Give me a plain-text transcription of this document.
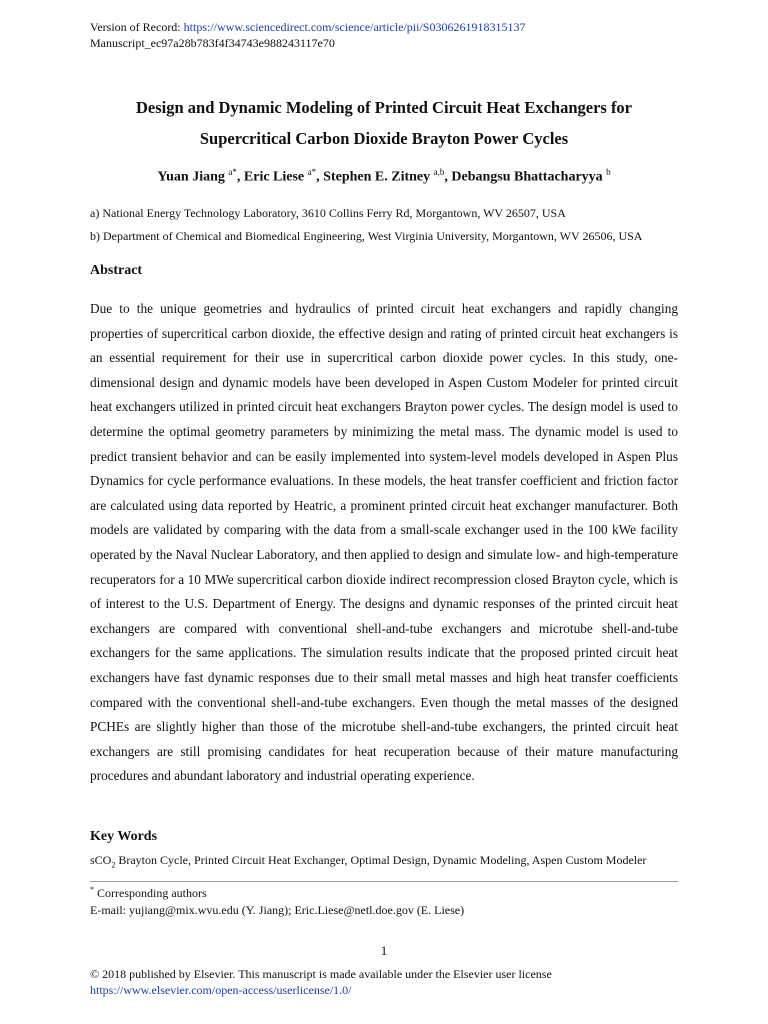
Version of Record: https://www.sciencedirect.com/science/article/pii/S0306261918315137
Manuscript_ec97a28b783f4f34743e988243117e70
Design and Dynamic Modeling of Printed Circuit Heat Exchangers for
Supercritical Carbon Dioxide Brayton Power Cycles
Yuan Jiang $^{a*}$, Eric Liese $^{a*}$, Stephen E. Zitney $^{a,b}$, Debangsu Bhattacharyya $^b$
a) National Energy Technology Laboratory, 3610 Collins Ferry Rd, Morgantown, WV 26507, USA
b) Department of Chemical and Biomedical Engineering, West Virginia University, Morgantown, WV 26506, USA
Abstract
Due to the unique geometries and hydraulics of printed circuit heat exchangers and rapidly changing properties of supercritical carbon dioxide, the effective design and rating of printed circuit heat exchangers is an essential requirement for their use in supercritical carbon dioxide power cycles. In this study, one-dimensional design and dynamic models have been developed in Aspen Custom Modeler for printed circuit heat exchangers utilized in printed circuit heat exchangers Brayton power cycles. The design model is used to determine the optimal geometry parameters by minimizing the metal mass. The dynamic model is used to predict transient behavior and can be easily implemented into system-level models developed in Aspen Plus Dynamics for cycle performance evaluations. In these models, the heat transfer coefficient and friction factor are calculated using data reported by Heatric, a prominent printed circuit heat exchanger manufacturer. Both models are validated by comparing with the data from a small-scale exchanger used in the 100 kWe facility operated by the Naval Nuclear Laboratory, and then applied to design and simulate low- and high-temperature recuperators for a 10 MWe supercritical carbon dioxide indirect recompression closed Brayton cycle, which is of interest to the U.S. Department of Energy. The designs and dynamic responses of the printed circuit heat exchangers are compared with conventional shell-and-tube exchangers and microtube shell-and-tube exchangers for the same applications. The simulation results indicate that the proposed printed circuit heat exchangers have fast dynamic responses due to their small metal masses and high heat transfer coefficients compared with the conventional shell-and-tube exchangers. Even though the metal masses of the designed PCHEs are slightly higher than those of the microtube shell-and-tube exchangers, the printed circuit heat exchangers are still promising candidates for heat recuperation because of their mature manufacturing procedures and abundant laboratory and industrial operating experience.
Key Words
sCO$_2$ Brayton Cycle, Printed Circuit Heat Exchanger, Optimal Design, Dynamic Modeling, Aspen Custom Modeler
* Corresponding authors
E-mail: yujiang@mix.wvu.edu (Y. Jiang); Eric.Liese@netl.doe.gov (E. Liese)
1
© 2018 published by Elsevier. This manuscript is made available under the Elsevier user license
https://www.elsevier.com/open-access/userlicense/1.0/
